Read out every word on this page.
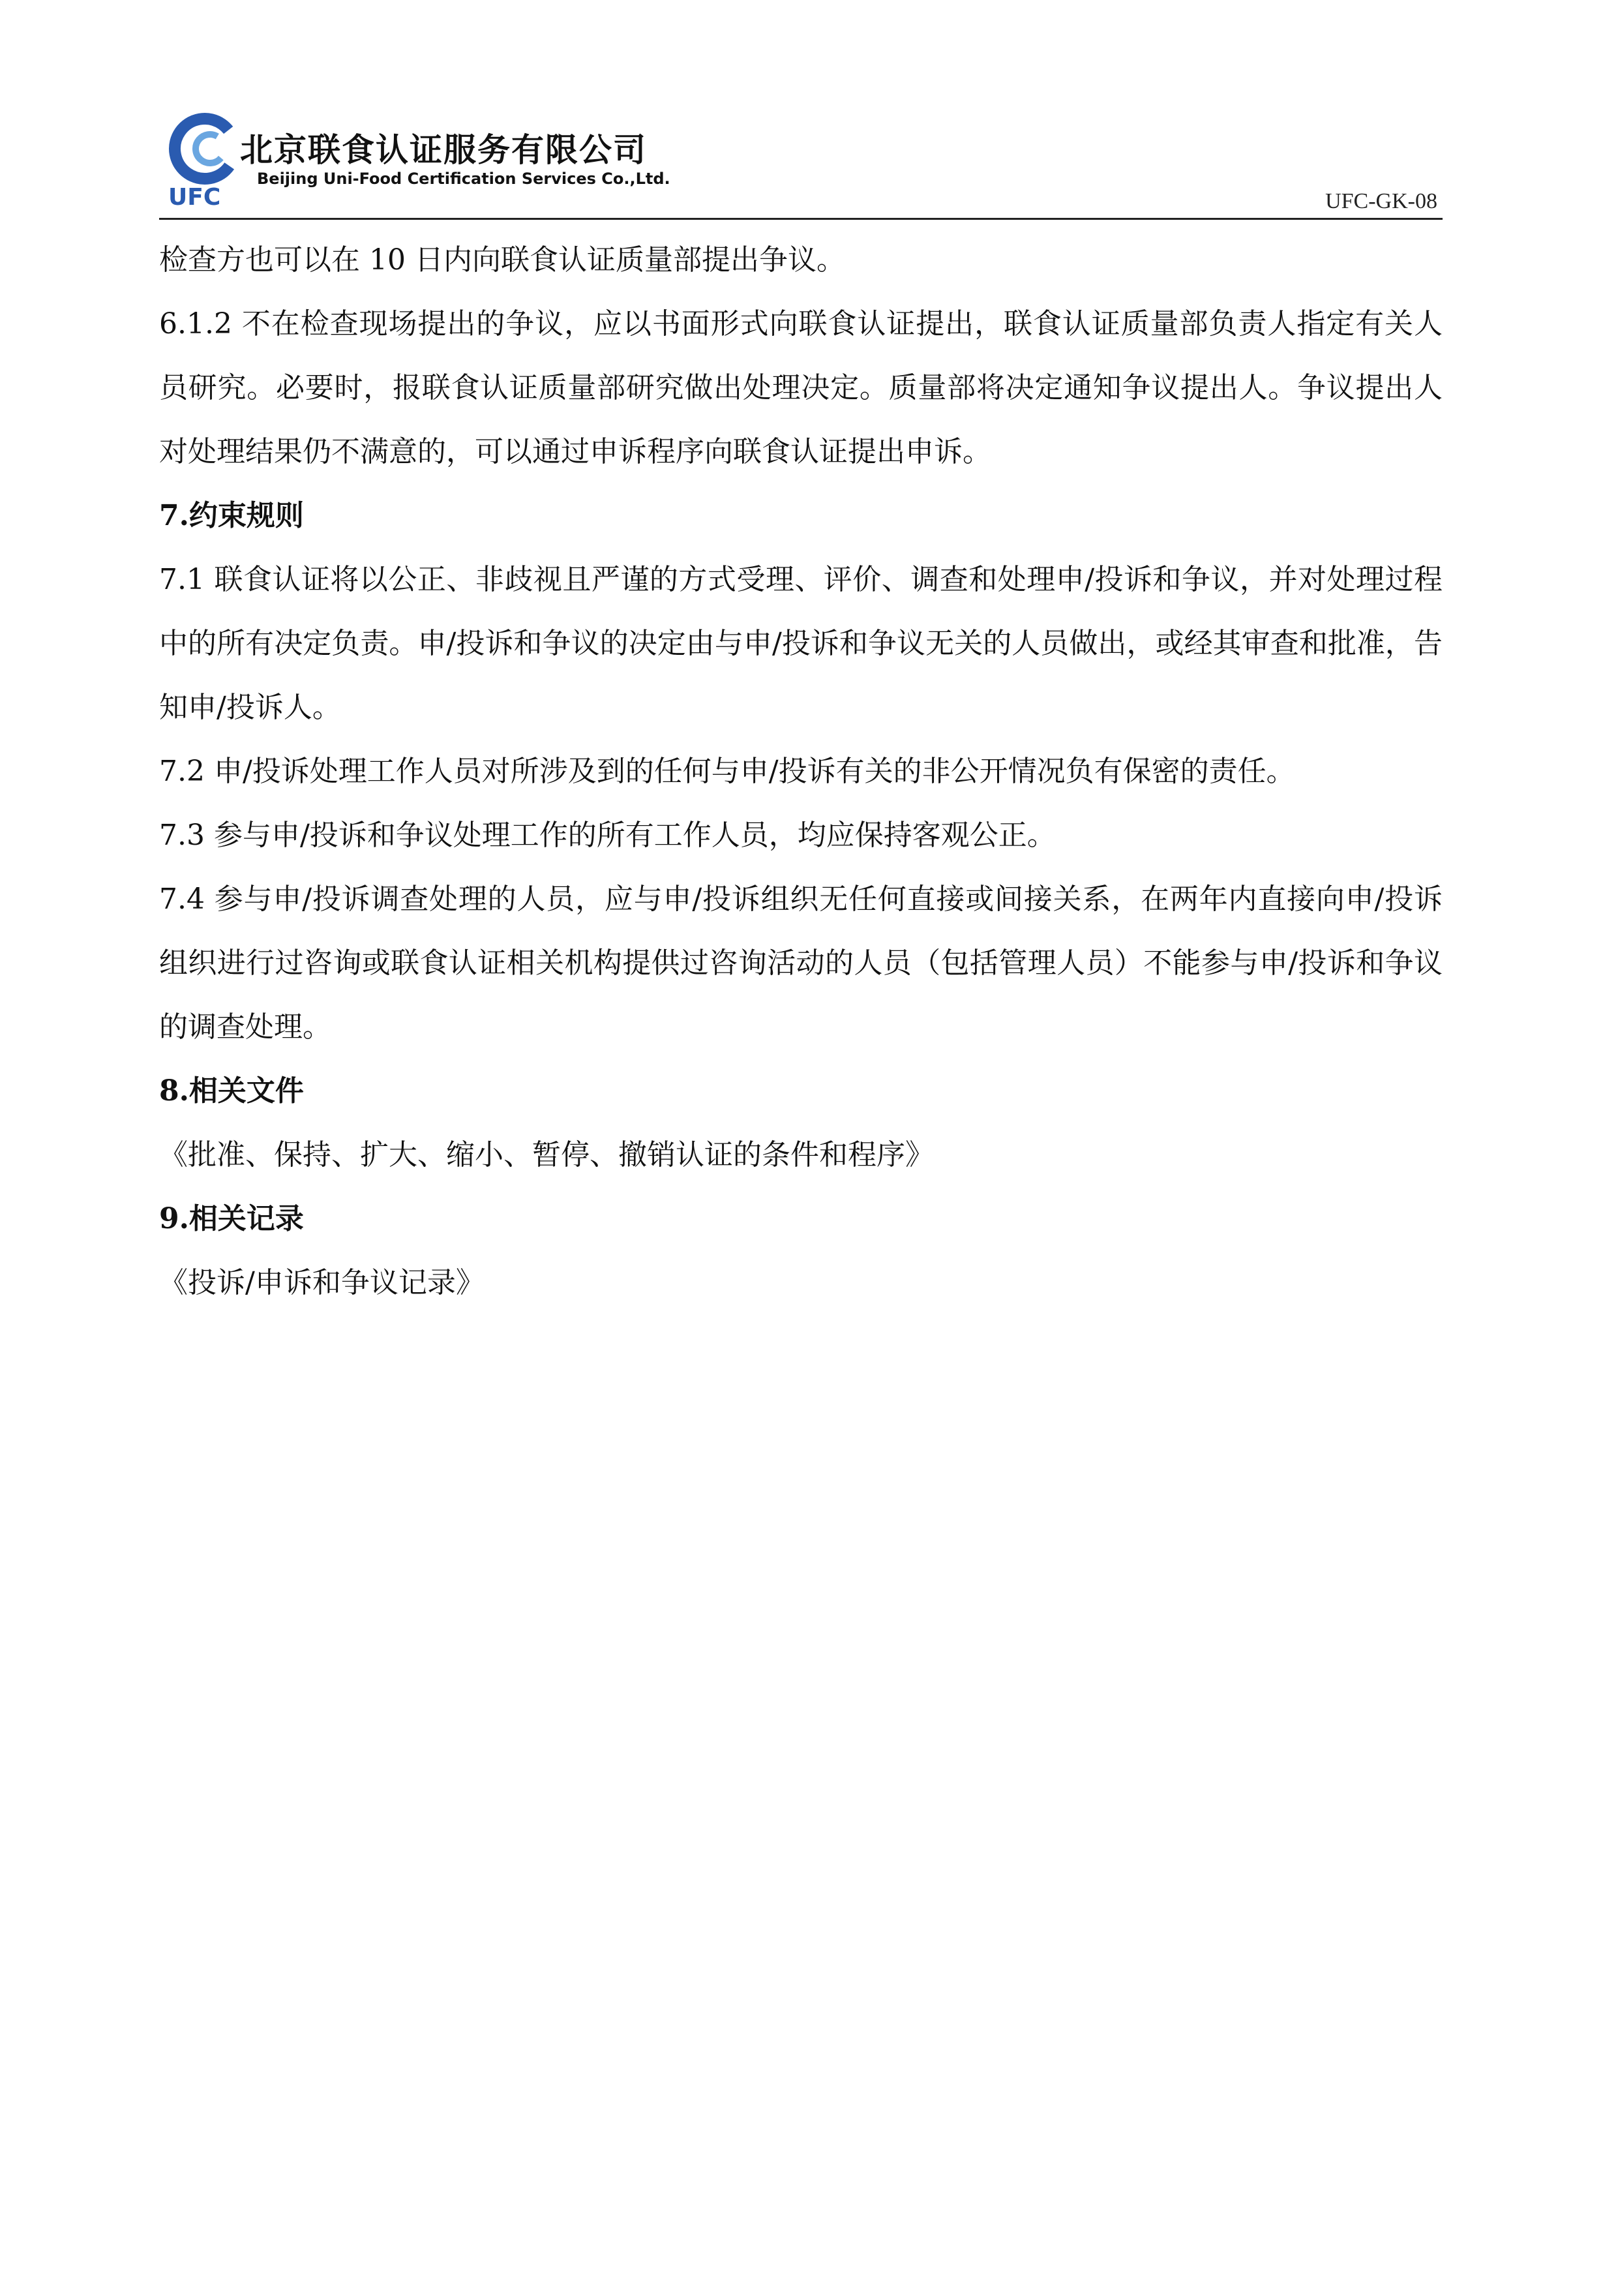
UFC
北京联食认证服务有限公司
Beijing Uni-Food Certification Services Co.,Ltd.
UFC-GK-08

检查方也可以在 10 日内向联食认证质量部提出争议。

6.1.2 不在检查现场提出的争议，应以书面形式向联食认证提出，联食认证质量部负责人指定有关人员研究。必要时，报联食认证质量部研究做出处理决定。质量部将决定通知争议提出人。争议提出人对处理结果仍不满意的，可以通过申诉程序向联食认证提出申诉。

7.约束规则

7.1 联食认证将以公正、非歧视且严谨的方式受理、评价、调查和处理申/投诉和争议，并对处理过程中的所有决定负责。申/投诉和争议的决定由与申/投诉和争议无关的人员做出，或经其审查和批准，告知申/投诉人。

7.2 申/投诉处理工作人员对所涉及到的任何与申/投诉有关的非公开情况负有保密的责任。

7.3 参与申/投诉和争议处理工作的所有工作人员，均应保持客观公正。

7.4 参与申/投诉调查处理的人员，应与申/投诉组织无任何直接或间接关系，在两年内直接向申/投诉组织进行过咨询或联食认证相关机构提供过咨询活动的人员（包括管理人员）不能参与申/投诉和争议的调查处理。

8.相关文件

《批准、保持、扩大、缩小、暂停、撤销认证的条件和程序》

9.相关记录

《投诉/申诉和争议记录》
